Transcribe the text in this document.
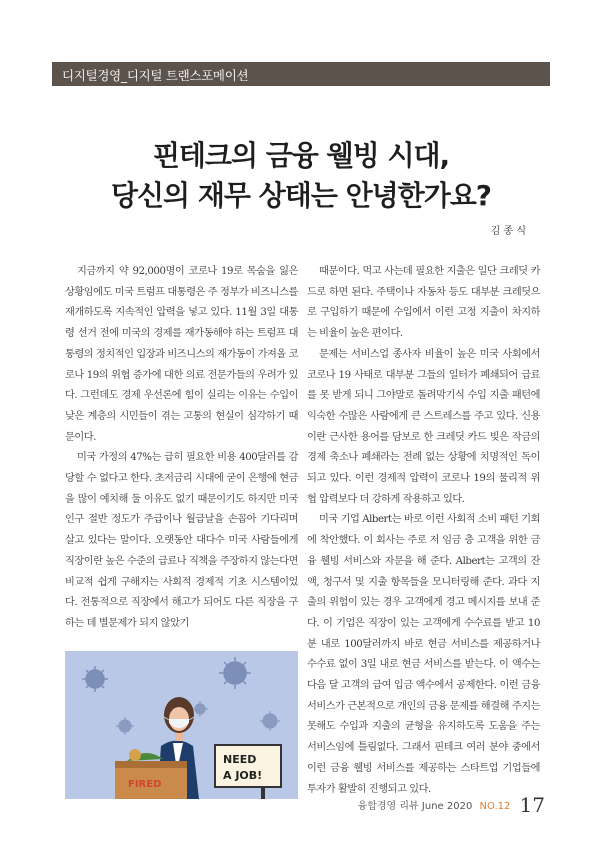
디지털경영_디지털 트랜스포메이션
핀테크의 금융 웰빙 시대,
당신의 재무 상태는 안녕한가요?
김 종 식

지금까지 약 92,000명이 코로나 19로 목숨을 잃은 상황임에도 미국 트럼프 대통령은 주 정부가 비즈니스를 재개하도록 지속적인 압력을 넣고 있다. 11월 3일 대통령 선거 전에 미국의 경제를 재가동해야 하는 트럼프 대통령의 정치적인 입장과 비즈니스의 재가동이 가져올 코로나 19의 위협 증가에 대한 의료 전문가들의 우려가 있다. 그런데도 경제 우선론에 힘이 실리는 이유는 수입이 낮은 계층의 시민들이 겪는 고통의 현실이 심각하기 때문이다.

미국 가정의 47%는 급히 필요한 비용 400달러를 감당할 수 없다고 한다. 초저금리 시대에 굳이 은행에 현금을 많이 예치해 둘 이유도 없기 때문이기도 하지만 미국 인구 절반 정도가 주급이나 월급날을 손꼽아 기다리며 살고 있다는 말이다. 오랫동안 대다수 미국 사람들에게 직장이란 높은 수준의 급료나 직책을 주장하지 않는다면 비교적 쉽게 구해지는 사회적 경제적 기초 시스템이었다. 전통적으로 직장에서 해고가 되어도 다른 직장을 구하는 데 별문제가 되지 않았기

때문이다. 먹고 사는데 필요한 지출은 일단 크레딧 카드로 하면 된다. 주택이나 자동차 등도 대부분 크레딧으로 구입하기 때문에 수입에서 이런 고정 지출이 차지하는 비율이 높은 편이다.

문제는 서비스업 종사자 비율이 높은 미국 사회에서 코로나 19 사태로 대부분 그들의 일터가 폐쇄되어 급료를 못 받게 되니 그야말로 돌려막기식 수입 지출 패턴에 익숙한 수많은 사람에게 큰 스트레스를 주고 있다. 신용이란 근사한 용어를 담보로 한 크레딧 카드 빚은 작금의 경제 축소나 폐쇄라는 전례 없는 상황에 치명적인 독이 되고 있다. 이런 경제적 압력이 코로나 19의 물리적 위협 압력보다 더 강하게 작용하고 있다.

미국 기업 Albert는 바로 이런 사회적 소비 패턴 기회에 착안했다. 이 회사는 주로 저 임금 층 고객을 위한 금융 웰빙 서비스와 자문을 해 준다. Albert는 고객의 잔액, 청구서 및 지출 항목들을 모니터링해 준다. 과다 지출의 위험이 있는 경우 고객에게 경고 메시지를 보내 준다. 이 기업은 직장이 있는 고객에게 수수료를 받고 10분 내로 100달러까지 바로 현금 서비스를 제공하거나 수수료 없이 3일 내로 현금 서비스를 받는다. 이 액수는 다음 달 고객의 급여 입금 액수에서 공제한다. 이런 금융 서비스가 근본적으로 개인의 금융 문제를 해결해 주지는 못해도 수입과 지출의 균형을 유지하도록 도움을 주는 서비스임에 틀림없다. 그래서 핀테크 여러 분야 중에서 이런 금융 웰빙 서비스를 제공하는 스타트업 기업들에 투자가 활발히 진행되고 있다.

FIRED
NEED
A JOB!
융합경영 리뷰 June 2020 NO.12 17
